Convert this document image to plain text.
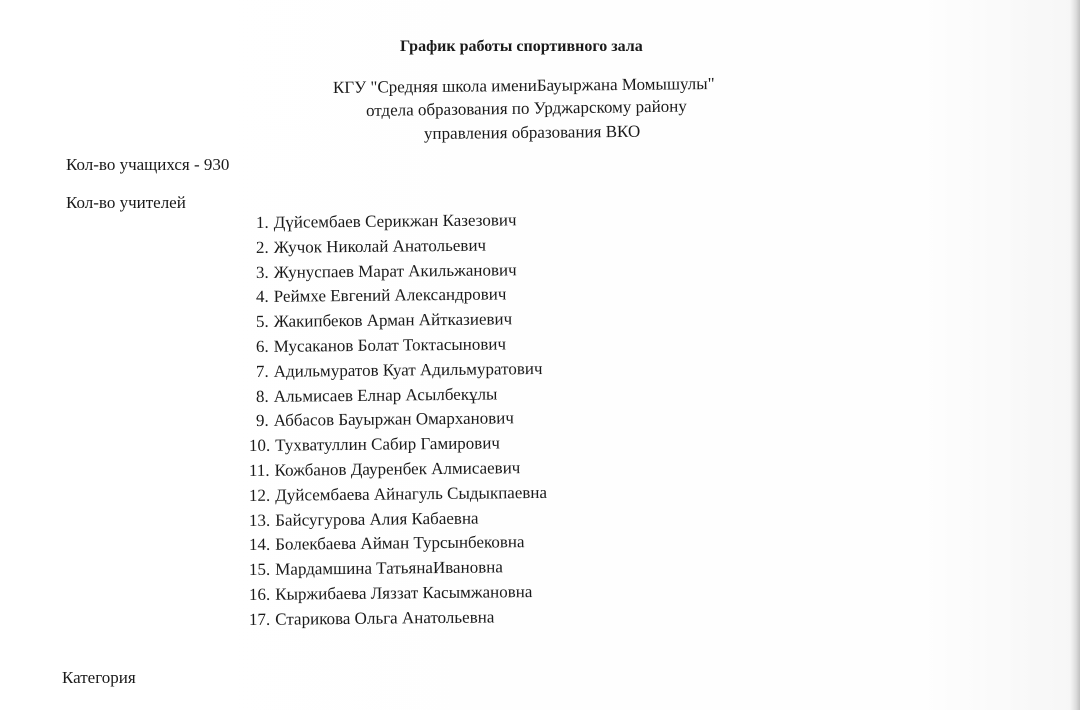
График работы спортивного зала
КГУ "Средняя школа имениБауыржана Момышулы"
отдела образования по Урджарскому району
управления образования ВКО
Кол-во учащихся - 930
Кол-во учителей
1. Дүйсембаев Серикжан Казезович
2. Жучок Николай Анатольевич
3. Жунуспаев Марат Акильжанович
4. Реймхе Евгений Александрович
5. Жакипбеков Арман Айтказиевич
6. Мусаканов Болат Токтасынович
7. Адильмуратов Куат Адильмуратович
8. Альмисаев Елнар Асылбекұлы
9. Аббасов Бауыржан Омарханович
10. Тухватуллин Сабир Гамирович
11. Кожбанов Дауренбек Алмисаевич
12. Дуйсембаева Айнагуль Сыдыкпаевна
13. Байсугурова Алия Кабаевна
14. Болекбаева Айман Турсынбековна
15. Мардамшина ТатьянаИвановна
16. Кыржибаева Ляззат Касымжановна
17. Старикова Ольга Анатольевна
Категория
